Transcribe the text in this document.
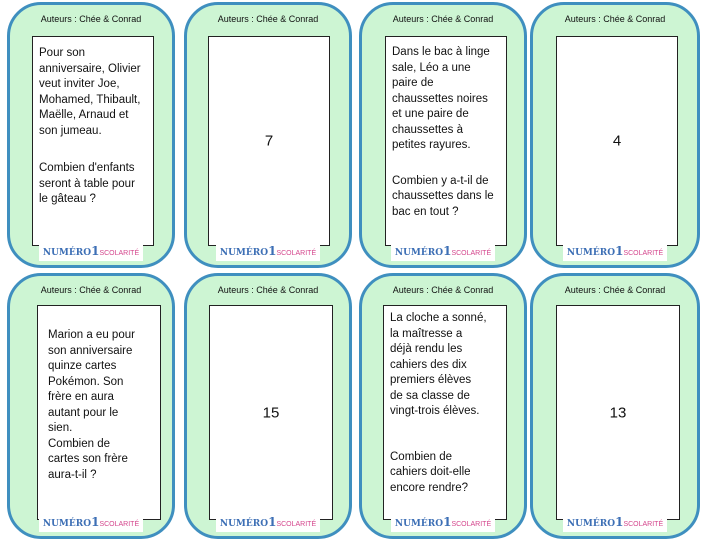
Auteurs : Chée & Conrad
Pour son
anniversaire, Olivier
veut inviter Joe,
Mohamed, Thibault,
Maëlle, Arnaud et
son jumeau.
Combien d'enfants
seront à table pour
le gâteau ?
NUMÉRO1SCOLARITÉ
Auteurs : Chée & Conrad
7
NUMÉRO1SCOLARITÉ
Auteurs : Chée & Conrad
Dans le bac à linge
sale, Léo a une
paire de
chaussettes noires
et une paire de
chaussettes à
petites rayures.
Combien y a-t-il de
chaussettes dans le
bac en tout ?
NUMÉRO1SCOLARITÉ
Auteurs : Chée & Conrad
4
NUMÉRO1SCOLARITÉ
Auteurs : Chée & Conrad
Marion a eu pour
son anniversaire
quinze cartes
Pokémon. Son
frère en aura
autant pour le
sien.
Combien de
cartes son frère
aura-t-il ?
NUMÉRO1SCOLARITÉ
Auteurs : Chée & Conrad
15
NUMÉRO1SCOLARITÉ
Auteurs : Chée & Conrad
La cloche a sonné,
la maîtresse a
déjà rendu les
cahiers des dix
premiers élèves
de sa classe de
vingt-trois élèves.
Combien de
cahiers doit-elle
encore rendre?
NUMÉRO1SCOLARITÉ
Auteurs : Chée & Conrad
13
NUMÉRO1SCOLARITÉ
